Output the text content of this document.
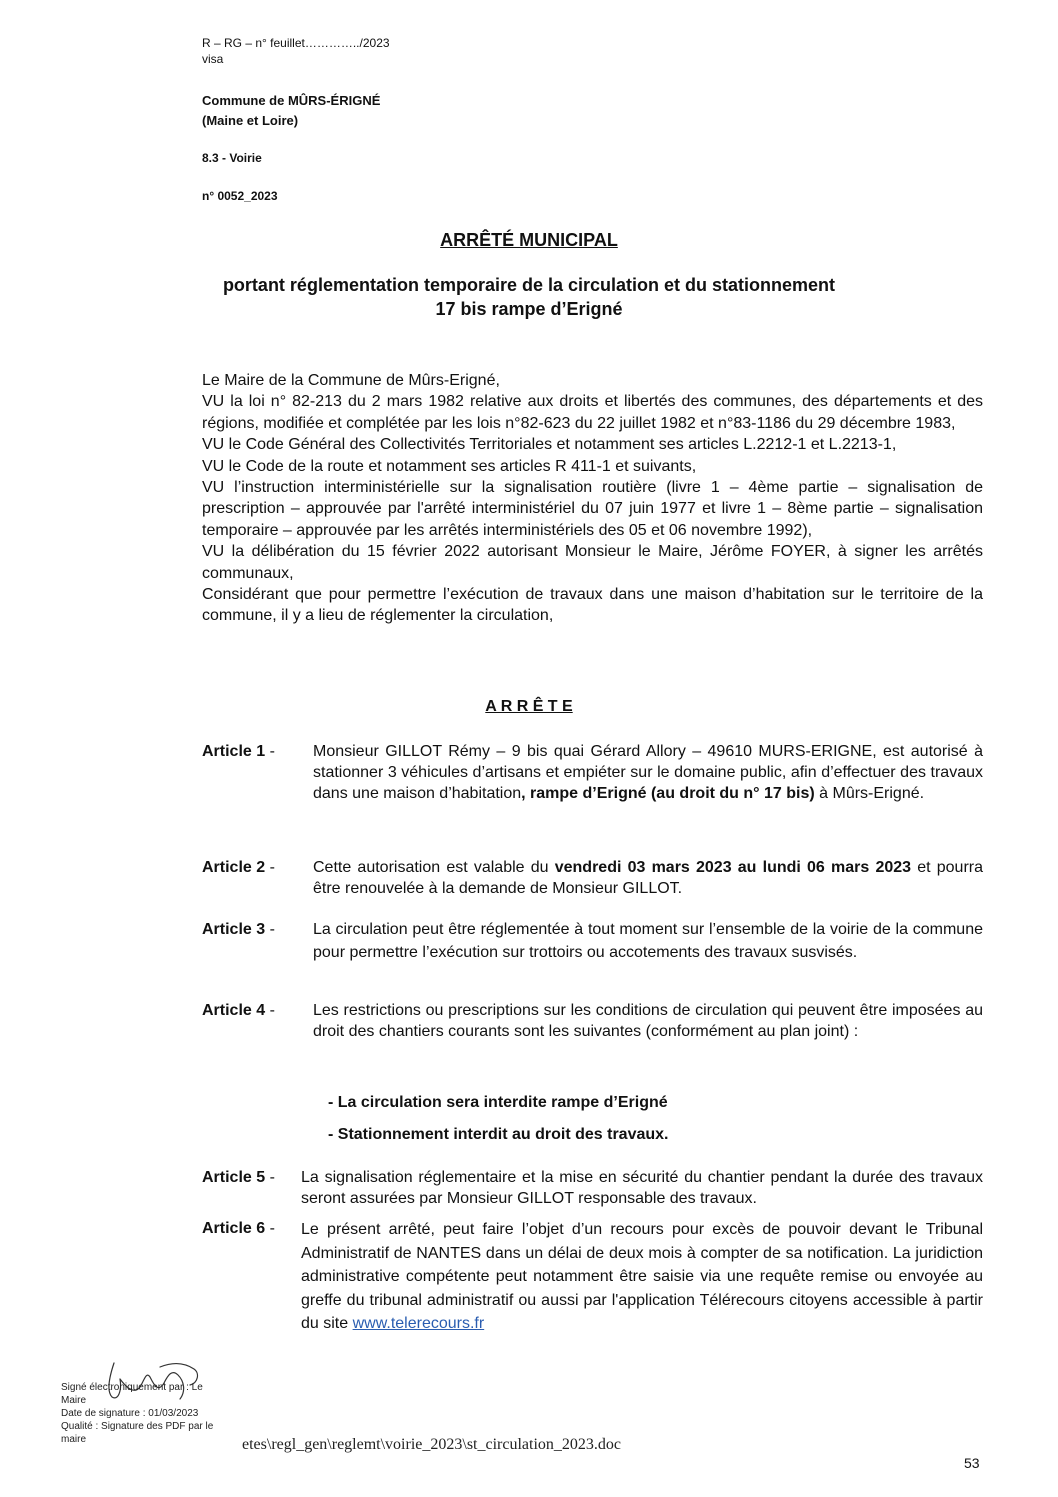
R – RG – n° feuillet…………../2023
visa
Commune de MÛRS-ÉRIGNÉ
(Maine et Loire)
8.3 - Voirie
n° 0052_2023
ARRÊTÉ MUNICIPAL
portant réglementation temporaire de la circulation et du stationnement
17 bis rampe d’Erigné

Le Maire de la Commune de Mûrs-Erigné,

VU la loi n° 82-213 du 2 mars 1982 relative aux droits et libertés des communes, des départements et des régions, modifiée et complétée par les lois n°82-623 du 22 juillet 1982 et n°83-1186 du 29 décembre 1983,

VU le Code Général des Collectivités Territoriales et notamment ses articles L.2212-1 et L.2213-1,

VU le Code de la route et notamment ses articles R 411-1 et suivants,

VU l’instruction interministérielle sur la signalisation routière (livre 1 – 4ème partie – signalisation de prescription – approuvée par l'arrêté interministériel du 07 juin 1977 et livre 1 – 8ème partie – signalisation temporaire – approuvée par les arrêtés interministériels des 05 et 06 novembre 1992),

VU la délibération du 15 février 2022 autorisant Monsieur le Maire, Jérôme FOYER, à signer les arrêtés communaux,

Considérant que pour permettre l’exécution de travaux dans une maison d’habitation sur le territoire de la commune, il y a lieu de réglementer la circulation,

A R R Ê T E
Article 1 - Monsieur GILLOT Rémy – 9 bis quai Gérard Allory – 49610 MURS-ERIGNE, est autorisé à stationner 3 véhicules d’artisans et empiéter sur le domaine public, afin d’effectuer des travaux dans une maison d’habitation, rampe d’Erigné (au droit du n° 17 bis) à Mûrs-Erigné.
Article 2 - Cette autorisation est valable du vendredi 03 mars 2023 au lundi 06 mars 2023 et pourra être renouvelée à la demande de Monsieur GILLOT.
Article 3 - La circulation peut être réglementée à tout moment sur l’ensemble de la voirie de la commune pour permettre l’exécution sur trottoirs ou accotements des travaux susvisés.
Article 4 - Les restrictions ou prescriptions sur les conditions de circulation qui peuvent être imposées au droit des chantiers courants sont les suivantes (conformément au plan joint) :
- La circulation sera interdite rampe d’Erigné
- Stationnement interdit au droit des travaux.
Article 5 - La signalisation réglementaire et la mise en sécurité du chantier pendant la durée des travaux seront assurées par Monsieur GILLOT responsable des travaux.
Article 6 - Le présent arrêté, peut faire l’objet d’un recours pour excès de pouvoir devant le Tribunal Administratif de NANTES dans un délai de deux mois à compter de sa notification. La juridiction administrative compétente peut notamment être saisie via une requête remise ou envoyée au greffe du tribunal administratif ou aussi par l'application Télérecours citoyens accessible à partir du site www.telerecours.fr
Signé électroniquement par : Le Maire
Date de signature : 01/03/2023
Qualité : Signature des PDF par le maire	etes\regl_gen\reglemt\voirie_2023\st_circulation_2023.doc
53
